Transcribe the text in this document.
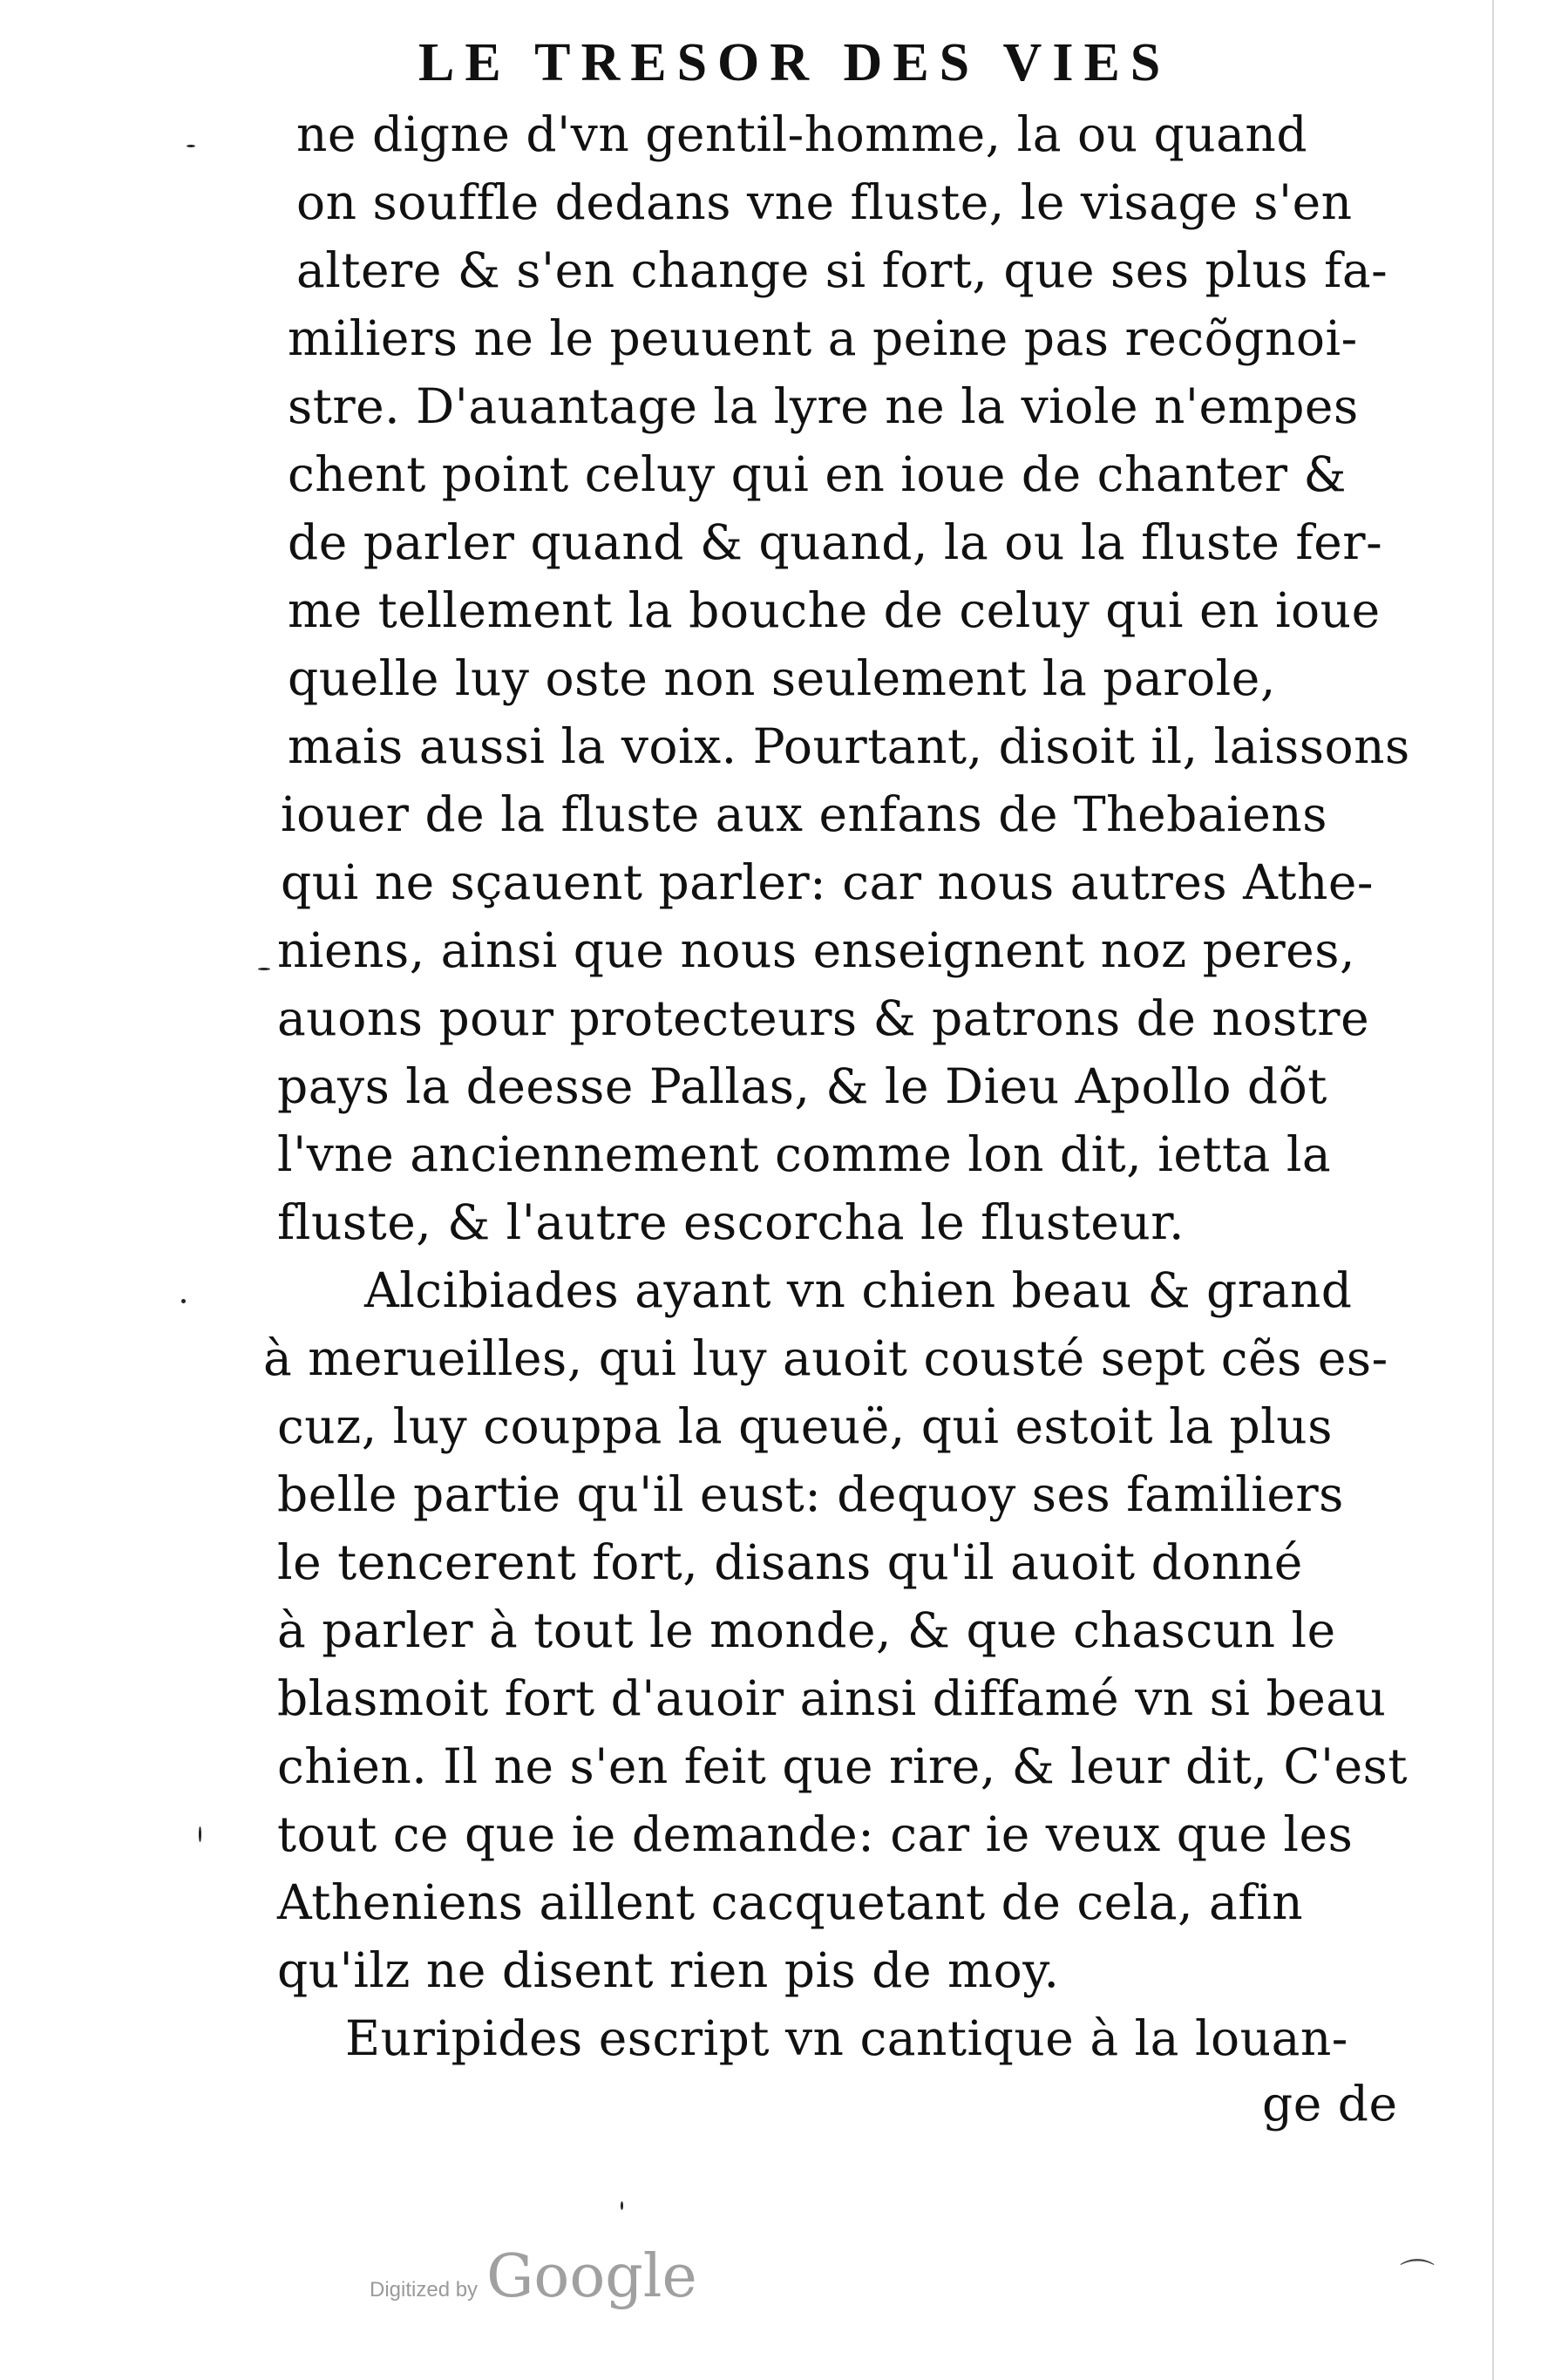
LE TRESOR DES VIES
ne digne d'vn gentil-homme, la ou quand
on souffle dedans vne fluste, le visage s'en
altere & s'en change si fort, que ses plus fa-
miliers ne le peuuent a peine pas recõgnoi-
stre. D'auantage la lyre ne la viole n'empes
chent point celuy qui en ioue de chanter &
de parler quand & quand, la ou la fluste fer-
me tellement la bouche de celuy qui en ioue
quelle luy oste non seulement la parole,
mais aussi la voix. Pourtant, disoit il, laissons
iouer de la fluste aux enfans de Thebaiens
qui ne sçauent parler: car nous autres Athe-
niens, ainsi que nous enseignent noz peres,
auons pour protecteurs & patrons de nostre
pays la deesse Pallas, & le Dieu Apollo dõt
l'vne anciennement comme lon dit, ietta la
fluste, & l'autre escorcha le flusteur.
Alcibiades ayant vn chien beau & grand
à merueilles, qui luy auoit cousté sept cẽs es-
cuz, luy couppa la queuë, qui estoit la plus
belle partie qu'il eust: dequoy ses familiers
le tencerent fort, disans qu'il auoit donné
à parler à tout le monde, & que chascun le
blasmoit fort d'auoir ainsi diffamé vn si beau
chien. Il ne s'en feit que rire, & leur dit, C'est
tout ce que ie demande: car ie veux que les
Atheniens aillent cacquetant de cela, afin
qu'ilz ne disent rien pis de moy.
Euripides escript vn cantique à la louan-
ge de
Digitized by Google	⌒
